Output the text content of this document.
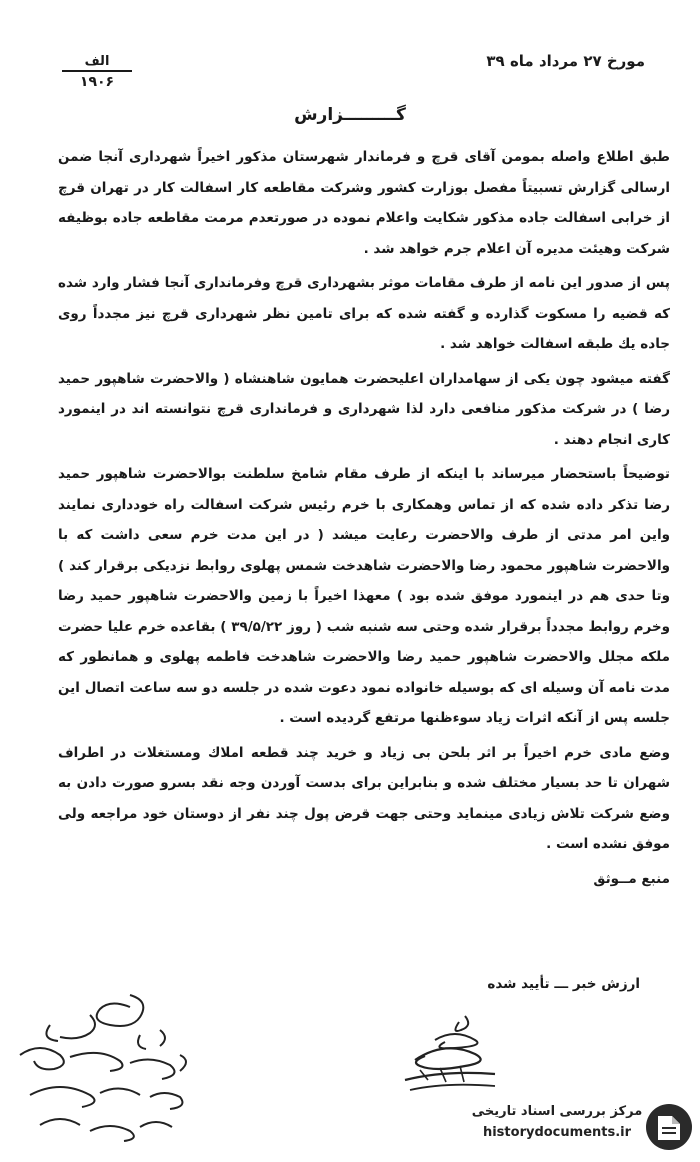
مورخ ۲۷ مرداد ماه ۳۹
الف
۱۹۰۶
گـــــــــزارش

طبق اطلاع واصله بمومن آقای قرچ و فرماندار شهرستان مذکور اخیراً شهرداری آنجا ضمن ارسالی گزارش تسبیتاً مفصل بوزارت کشور وشرکت مقاطعه کار اسفالت کار در تهران قرچ از خرابی اسفالت جاده مذکور شکایت واعلام نموده در صورتعدم مرمت مقاطعه جاده بوظیفه شرکت وهیئت مدیره آن اعلام جرم خواهد شد .

پس از صدور این نامه از طرف مقامات موثر بشهرداری قرچ وفرمانداری آنجا فشار وارد شده که قضیه را مسکوت گذارده و گفته شده که برای تامین نظر شهرداری قرچ نیز مجدداً روی جاده یك طبقه اسفالت خواهد شد .

گفته میشود چون یکی از سهامداران اعلیحضرت همایون شاهنشاه ( والاحضرت شاهپور حمید رضا ) در شرکت مذکور منافعی دارد لذا شهرداری و فرمانداری قرچ نتوانسته اند در اینمورد کاری انجام دهند .

توضیحاً باستحضار میرساند با اینکه از طرف مقام شامخ سلطنت بوالاحضرت شاهپور حمید رضا تذکر داده شده که از تماس وهمکاری با خرم رئیس شرکت اسفالت راه خودداری نمایند واین امر مدتی از طرف والاحضرت رعایت میشد ( در این مدت خرم سعی داشت که با والاحضرت شاهپور محمود رضا والاحضرت شاهدخت شمس پهلوی روابط نزدیکی برقرار کند ) وتا حدی هم در اینمورد موفق شده بود ) معهذا اخیراً با زمین والاحضرت شاهپور حمید رضا وخرم روابط مجدداً برقرار شده وحتی سه شنبه شب ( روز ۳۹/۵/۲۲ ) بقاعده خرم علیا حضرت ملکه مجلل والاحضرت شاهپور حمید رضا والاحضرت شاهدخت فاطمه پهلوی و همانطور که مدت نامه آن وسیله ای که بوسیله خانواده نمود دعوت شده در جلسه دو سه ساعت اتصال این جلسه پس از آنکه اثرات زیاد سوءظنها مرتفع گردیده است .

وضع مادی خرم اخیراً بر اثر بلحن بی زیاد و خرید چند قطعه املاك ومستغلات در اطراف شهران تا حد بسیار مختلف شده و بنابراین برای بدست آوردن وجه نقد بسرو صورت دادن به وضع شرکت تلاش زیادی مینماید وحتی جهت قرض پول چند نفر از دوستان خود مراجعه ولی موفق نشده است .

منبع مــوثق

ارزش خبر ـــ تأیید شده
مرکز بررسی اسناد تاریخی
historydocuments.ir
